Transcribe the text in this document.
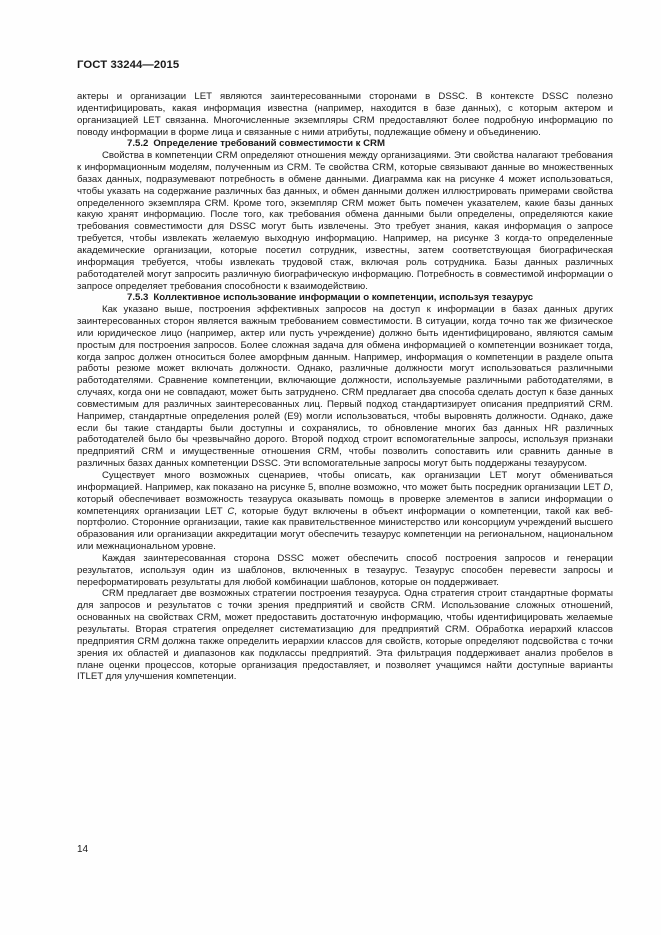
ГОСТ 33244—2015

актеры и организации LET являются заинтересованными сторонами в DSSC. В контексте DSSC полезно идентифицировать, какая информация известна (например, находится в базе данных), с которым актером и организацией LET связанна. Многочисленные экземпляры CRM предоставляют более подробную информацию по поводу информации в форме лица и связанные с ними атрибуты, подлежащие обмену и объединению.

7.5.2 Определение требований совместимости к CRM

Свойства в компетенции CRM определяют отношения между организациями. Эти свойства налагают требования к информационным моделям, полученным из CRM. Те свойства CRM, которые связывают данные во множественных базах данных, подразумевают потребность в обмене данными. Диаграмма как на рисунке 4 может использоваться, чтобы указать на содержание различных баз данных, и обмен данными должен иллюстрировать примерами свойства определенного экземпляра CRM. Кроме того, экземпляр CRM может быть помечен указателем, какие базы данных какую хранят информацию. После того, как требования обмена данными были определены, определяются какие требования совместимости для DSSC могут быть извлечены. Это требует знания, какая информация о запросе требуется, чтобы извлекать желаемую выходную информацию. Например, на рисунке 3 когда-то определенные академические организации, которые посетил сотрудник, известны, затем соответствующая биографическая информация требуется, чтобы извлекать трудовой стаж, включая роль сотрудника. Базы данных различных работодателей могут запросить различную биографическую информацию. Потребность в совместимой информации о запросе определяет требования способности к взаимодействию.

7.5.3 Коллективное использование информации о компетенции, используя тезаурус

Как указано выше, построения эффективных запросов на доступ к информации в базах данных других заинтересованных сторон является важным требованием совместимости. В ситуации, когда точно так же физическое или юридическое лицо (например, актер или пусть учреждение) должно быть идентифицировано, являются самым простым для построения запросов. Более сложная задача для обмена информацией о компетенции возникает тогда, когда запрос должен относиться более аморфным данным. Например, информация о компетенции в разделе опыта работы резюме может включать должности. Однако, различные должности могут использоваться различными работодателями. Сравнение компетенции, включающие должности, используемые различными работодателями, в случаях, когда они не совпадают, может быть затруднено. CRM предлагает два способа сделать доступ к базе данных совместимым для различных заинтересованных лиц. Первый подход стандартизирует описания предприятий CRM. Например, стандартные определения ролей (E9) могли использоваться, чтобы выровнять должности. Однако, даже если бы такие стандарты были доступны и сохранялись, то обновление многих баз данных HR различных работодателей было бы чрезвычайно дорого. Второй подход строит вспомогательные запросы, используя признаки предприятий CRM и имущественные отношения CRM, чтобы позволить сопоставить или сравнить данные в различных базах данных компетенции DSSC. Эти вспомогательные запросы могут быть поддержаны тезаурусом.

Существует много возможных сценариев, чтобы описать, как организации LET могут обмениваться информацией. Например, как показано на рисунке 5, вполне возможно, что может быть посредник организации LET D, который обеспечивает возможность тезауруса оказывать помощь в проверке элементов в записи информации о компетенциях организации LET C, которые будут включены в объект информации о компетенции, такой как веб-портфолио. Сторонние организации, такие как правительственное министерство или консорциум учреждений высшего образования или организации аккредитации могут обеспечить тезаурус компетенции на региональном, национальном или межнациональном уровне.

Каждая заинтересованная сторона DSSC может обеспечить способ построения запросов и генерации результатов, используя один из шаблонов, включенных в тезаурус. Тезаурус способен перевести запросы и переформатировать результаты для любой комбинации шаблонов, которые он поддерживает.

CRM предлагает две возможных стратегии построения тезауруса. Одна стратегия строит стандартные форматы для запросов и результатов с точки зрения предприятий и свойств CRM. Использование сложных отношений, основанных на свойствах CRM, может предоставить достаточную информацию, чтобы идентифицировать желаемые результаты. Вторая стратегия определяет систематизацию для предприятий CRM. Обработка иерархий классов предприятия CRM должна также определить иерархии классов для свойств, которые определяют подсвойства с точки зрения их областей и диапазонов как подклассы предприятий. Эта фильтрация поддерживает анализ пробелов в плане оценки процессов, которые организация предоставляет, и позволяет учащимся найти доступные варианты ITLET для улучшения компетенции.

14
